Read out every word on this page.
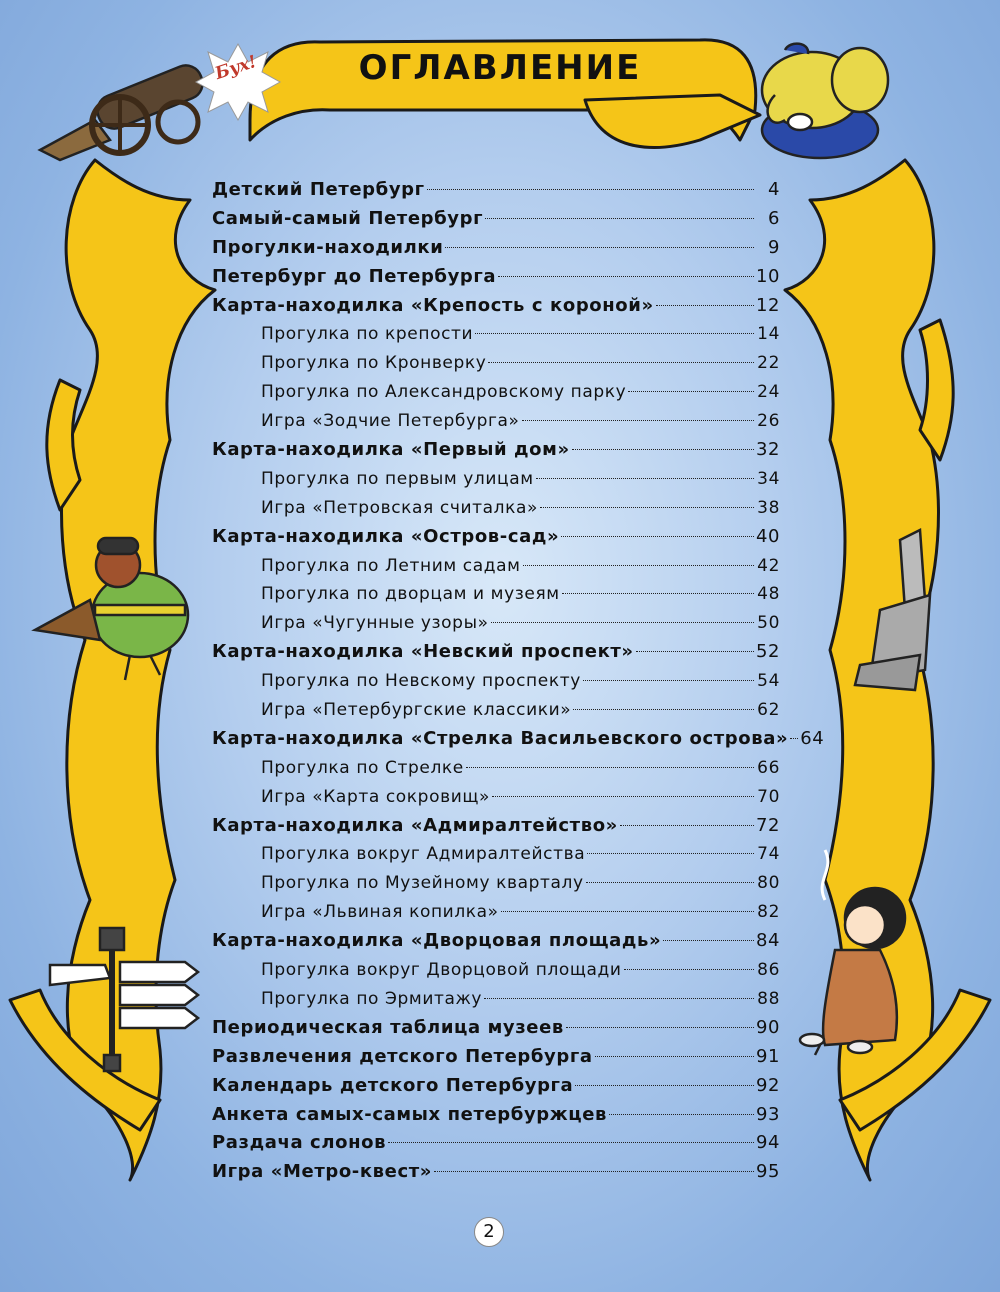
ОГЛАВЛЕНИЕ
Бух!
Детский Петербург	4
Самый-самый Петербург	6
Прогулки-находилки	9
Петербург до Петербурга	10
Карта-находилка «Крепость с короной»	12
Прогулка по крепости	14
Прогулка по Кронверку	22
Прогулка по Александровскому парку	24
Игра «Зодчие Петербурга»	26
Карта-находилка «Первый дом»	32
Прогулка по первым улицам	34
Игра «Петровская считалка»	38
Карта-находилка «Остров-сад»	40
Прогулка по Летним садам	42
Прогулка по дворцам и музеям	48
Игра «Чугунные узоры»	50
Карта-находилка «Невский проспект»	52
Прогулка по Невскому проспекту	54
Игра «Петербургские классики»	62
Карта-находилка «Стрелка Васильевского острова» 64
Прогулка по Стрелке	66
Игра «Карта сокровищ»	70
Карта-находилка «Адмиралтейство»	72
Прогулка вокруг Адмиралтейства	74
Прогулка по Музейному кварталу	80
Игра «Львиная копилка»	82
Карта-находилка «Дворцовая площадь»	84
Прогулка вокруг Дворцовой площади	86
Прогулка по Эрмитажу	88
Периодическая таблица музеев	90
Развлечения детского Петербурга	91
Календарь детского Петербурга	92
Анкета самых-самых петербуржцев	93
Раздача слонов	94
Игра «Метро-квест»	95
2
